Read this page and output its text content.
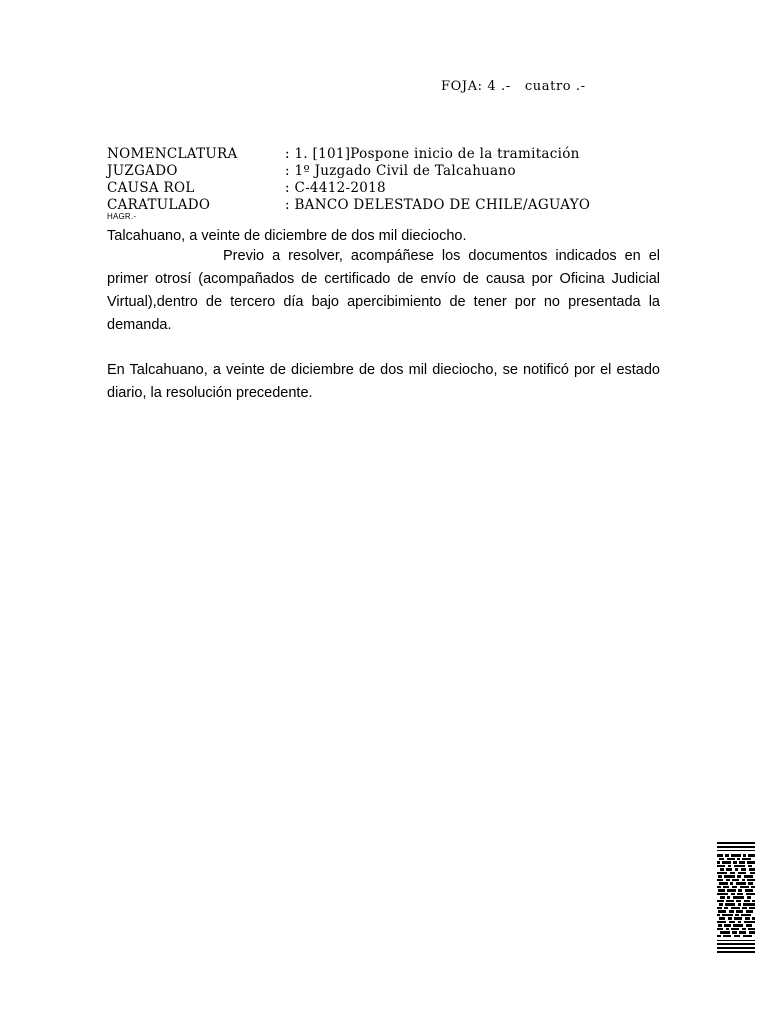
FOJA: 4 .-   cuatro .-
NOMENCLATURA	: 1. [101]Pospone inicio de la tramitación
JUZGADO	: 1º Juzgado Civil de Talcahuano
CAUSA ROL	: C-4412-2018
CARATULADO	: BANCO DELESTADO DE CHILE/AGUAYO
HAGR.-
Talcahuano, a veinte de diciembre de dos mil dieciocho.
Previo a resolver, acompáñese los documentos indicados en el primer otrosí (acompañados de certificado de envío de causa por Oficina Judicial Virtual),dentro de tercero día bajo apercibimiento de tener por no presentada la demanda.
En Talcahuano, a veinte de diciembre de dos mil dieciocho, se notificó por el estado diario, la resolución precedente.
